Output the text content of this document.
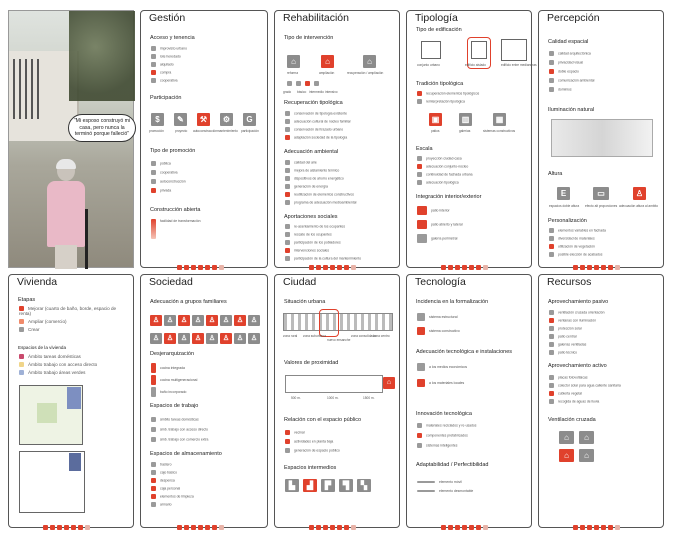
"Mi esposo construyó mi casa, pero nunca la terminó porque falleció"
Gestión
Acceso y tenencia
improvisto urbano
lote heredado
alquilado
compra
cooperativa
Participación
$	✎	⚒	⚙	G
promoción	proyecto autoconstrucción mantenimiento participación
Tipo de promoción
pública
cooperativa
autoconstrucción
privada
Construcción abierta
facilidad de transformación
Rehabilitación
Tipo de intervención
⌂	⌂	⌂
reforma	ampliación	recuperación / ampliación
grado básico intermedio intensivo
Recuperación tipológica
conservación de tipología existente
adecuación cultural de núcleo familiar
conservación del trazado urbano
adaptación sociedad de la tipología
Adecuación ambiental
calidad del aire
mejora de aislamiento térmico
dispositivos de ahorro energético
generación de energía
reutilización de elementos constructivos
programa de adecuación medioambiental
Aportaciones sociales
re-asentamiento de los ocupantes
rescate de los ocupantes
participación de los pobladores
intervenciones sociales
participación de la cultura del mantenimiento
Tipología
Tipo de edificación
conjunto urbano	edificio aislado	edificio entre medianeras
Tradición tipológica
recuperación elementos tipológicos
reinterpretación tipológica
▣	▥	▦
patios	galerías	sistemas constructivos
Escala
proyección ciudad-casa
adecuación conjunto-núcleo
continuidad de fachada urbana
adecuación tipológica
Integración interior/exterior
patio interior
patio abierto y lateral
galería perimetral
Percepción
Calidad espacial
calidad arquitectónica
privacidad visual
doble espacio
comunicación ambiental
dominios
Iluminación natural
Altura
E	▭	♙
espacios doble altura efecto alt proporciones adecuación altura al ambito
Personalización
elementos variables en fachada
diversidad de materiales
utilización de vegetación
posible elección de acabados
Vivienda
Etapas
Mejorar (cuarto de baño, borde, espacio de renta)
Ampliar (comercio)
Crear
Espacios de la vivienda
Ámbito tareas domésticas
Ámbito trabajo con acceso directo
Ámbito trabajo áreas verdes
Sociedad
Adecuación a grupos familiares
♙ ♙ ♙ ♙ ♙ ♙ ♙ ♙ ♙ ♙ ♙ ♙ ♙ ♙ ♙ ♙
Desjerarquización
cocina integrada
cocina multigeneracional
baño incorporado
Espacios de trabajo
ámbito tareas domésticas
ámb. trabajo con acceso directo
ámb. trabajo con comercio extra
Espacios de almacenamiento
trastero
cajo básico
despensa
caja personal
elementos de limpieza
armario
Ciudad
Situación urbana
zona rural zona suburbana
nuevo ensanche
zona consolidada
zona centro
Valores de proximidad
⌂
500 m.	1000 m.	1500 m.
Relación con el espacio público
vecinal
actividades en planta baja
generación de espacio público
Espacios intermedios
▙	▟	▛	▜	▚
Tecnología
Incidencia en la formalización
sistema estructural
sistema constructivo
Adecuación tecnológica e instalaciones
a los medios económicos
a los materiales locales
Innovación tecnológica
materiales reciclados y re-usados
componentes prefabricados
sistemas inteligentes
Adaptabilidad / Perfectibilidad
elemento móvil
elemento desmontable
Recursos
Aprovechamiento pasivo
ventilación cruzada orientación
ventanas con iluminación
protección solar
patio central
galerías ventiladas
patio técnico
Aprovechamiento activo
placas fotovoltaicas
colector solar para agua caliente sanitaria
cubierta vegetal
recogida de aguas de lluvia
Ventilación cruzada
⌂	⌂
⌂	⌂
